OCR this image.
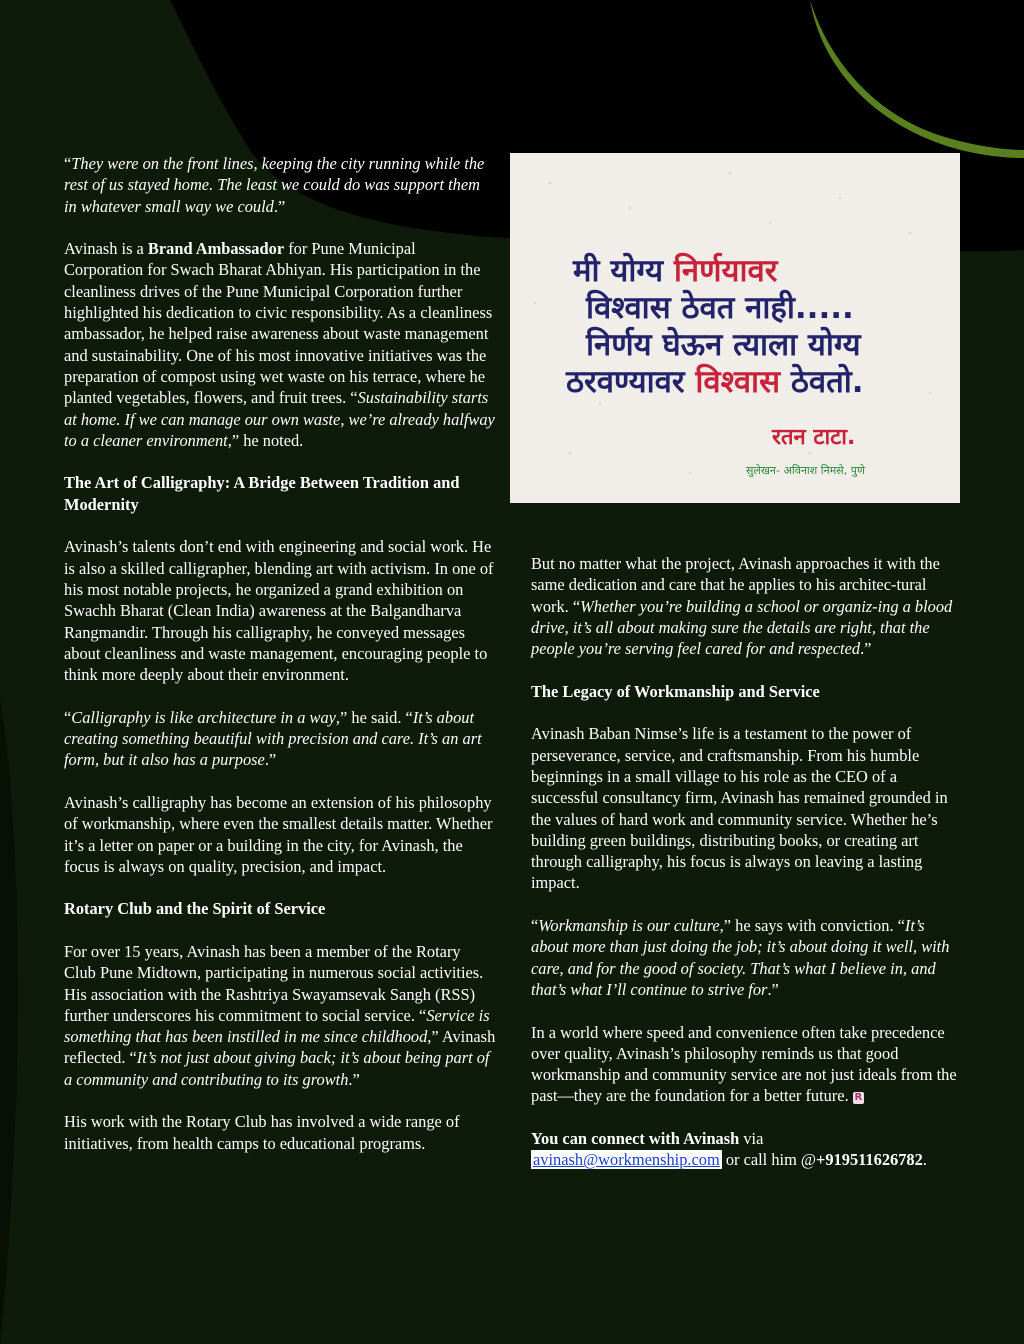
“They were on the front lines, keeping the city running while the rest of us stayed home. The least we could do was support them in whatever small way we could.”

Avinash is a Brand Ambassador for Pune Municipal Corporation for Swach Bharat Abhiyan. His participation in the cleanliness drives of the Pune Municipal Corporation further highlighted his dedication to civic responsibility. As a cleanliness ambassador, he helped raise awareness about waste management and sustainability. One of his most innovative initiatives was the preparation of compost using wet waste on his terrace, where he planted vegetables, flowers, and fruit trees. “Sustainability starts at home. If we can manage our own waste, we’re already halfway to a cleaner environment,” he noted.

The Art of Calligraphy: A Bridge Between Tradition and Modernity

Avinash’s talents don’t end with engineering and social work. He is also a skilled calligrapher, blending art with activism. In one of his most notable projects, he organized a grand exhibition on Swachh Bharat (Clean India) awareness at the Balgandharva Rangmandir. Through his calligraphy, he conveyed messages about cleanliness and waste management, encouraging people to think more deeply about their environment.

“Calligraphy is like architecture in a way,” he said. “It’s about creating something beautiful with precision and care. It’s an art form, but it also has a purpose.”

Avinash’s calligraphy has become an extension of his philosophy of workmanship, where even the smallest details matter. Whether it’s a letter on paper or a building in the city, for Avinash, the focus is always on quality, precision, and impact.

Rotary Club and the Spirit of Service

For over 15 years, Avinash has been a member of the Rotary Club Pune Midtown, participating in numerous social activities. His association with the Rashtriya Swayamsevak Sangh (RSS) further underscores his commitment to social service. “Service is something that has been instilled in me since childhood,” Avinash reflected. “It’s not just about giving back; it’s about being part of a community and contributing to its growth.”

His work with the Rotary Club has involved a wide range of initiatives, from health camps to educational programs.

मी योग्य निर्णयावर
विश्वास ठेवत नाही.....
निर्णय घेऊन त्याला योग्य
ठरवण्यावर विश्वास ठेवतो.
रतन टाटा.
सुलेखन- अविनाश निमसे, पुणे

But no matter what the project, Avinash approaches it with the same dedication and care that he applies to his architec-tural work. “Whether you’re building a school or organiz-ing a blood drive, it’s all about making sure the details are right, that the people you’re serving feel cared for and respected.”

The Legacy of Workmanship and Service

Avinash Baban Nimse’s life is a testament to the power of perseverance, service, and craftsmanship. From his humble beginnings in a small village to his role as the CEO of a successful consultancy firm, Avinash has remained grounded in the values of hard work and community service. Whether he’s building green buildings, distributing books, or creating art through calligraphy, his focus is always on leaving a lasting impact.

“Workmanship is our culture,” he says with conviction. “It’s about more than just doing the job; it’s about doing it well, with care, and for the good of society. That’s what I believe in, and that’s what I’ll continue to strive for.”

In a world where speed and convenience often take precedence over quality, Avinash’s philosophy reminds us that good workmanship and community service are not just ideals from the past—they are the foundation for a better future. R

You can connect with Avinash via
avinash@workmenship.com or call him @+919511626782.
